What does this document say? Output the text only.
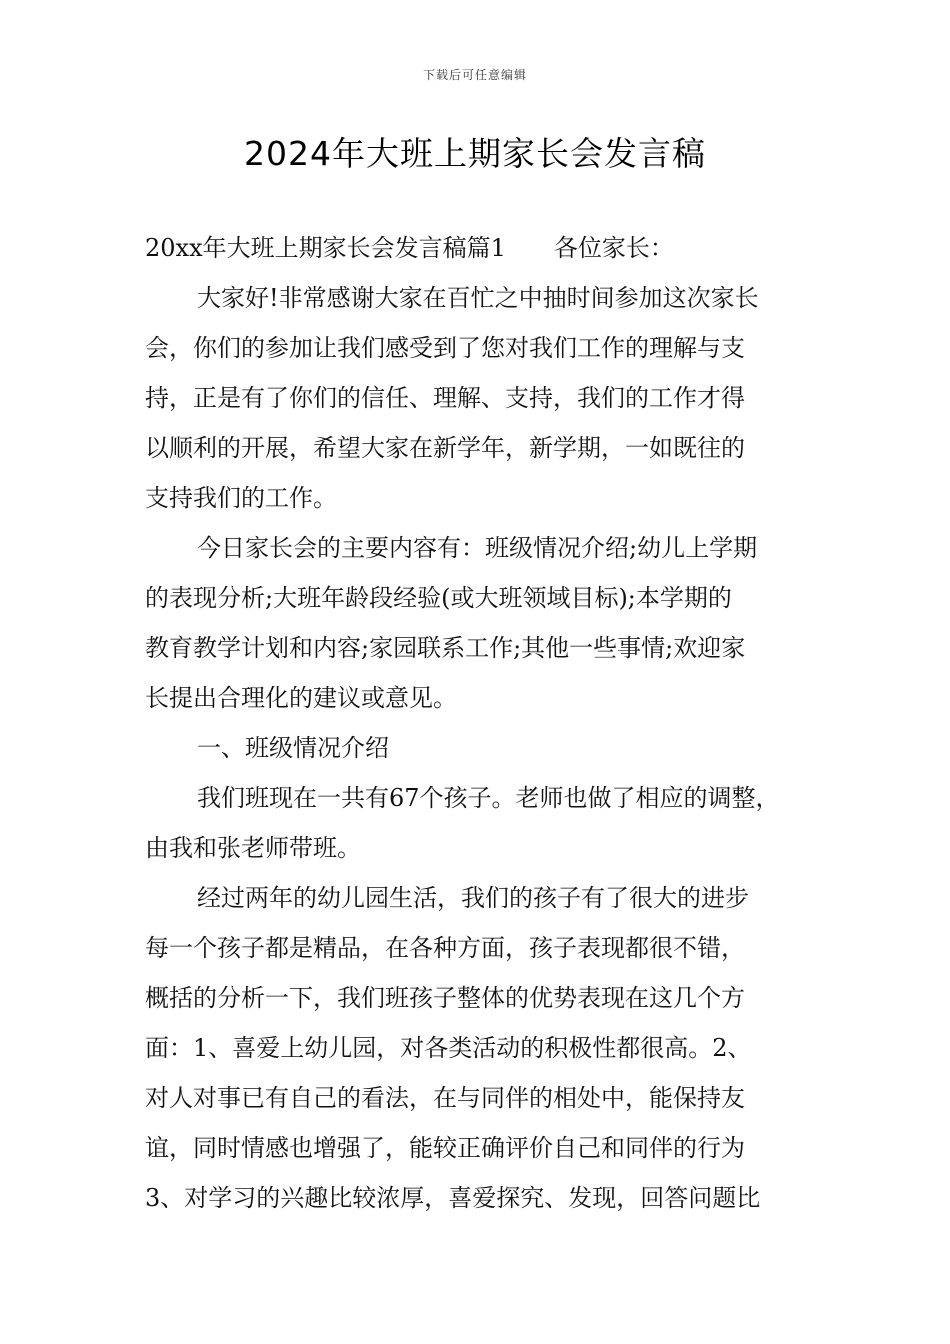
下载后可任意编辑
2024年大班上期家长会发言稿

20xx年大班上期家长会发言稿篇1 各位家长：

大家好!非常感谢大家在百忙之中抽时间参加这次家长

会，你们的参加让我们感受到了您对我们工作的理解与支

持，正是有了你们的信任、理解、支持，我们的工作才得

以顺利的开展，希望大家在新学年，新学期，一如既往的

支持我们的工作。

今日家长会的主要内容有：班级情况介绍;幼儿上学期

的表现分析;大班年龄段经验(或大班领域目标);本学期的

教育教学计划和内容;家园联系工作;其他一些事情;欢迎家

长提出合理化的建议或意见。

一、班级情况介绍

我们班现在一共有67个孩子。老师也做了相应的调整，

由我和张老师带班。

经过两年的幼儿园生活，我们的孩子有了很大的进步

每一个孩子都是精品，在各种方面，孩子表现都很不错，

概括的分析一下，我们班孩子整体的优势表现在这几个方

面：1、喜爱上幼儿园，对各类活动的积极性都很高。2、

对人对事已有自己的看法，在与同伴的相处中，能保持友

谊，同时情感也增强了，能较正确评价自己和同伴的行为

3、对学习的兴趣比较浓厚，喜爱探究、发现，回答问题比
